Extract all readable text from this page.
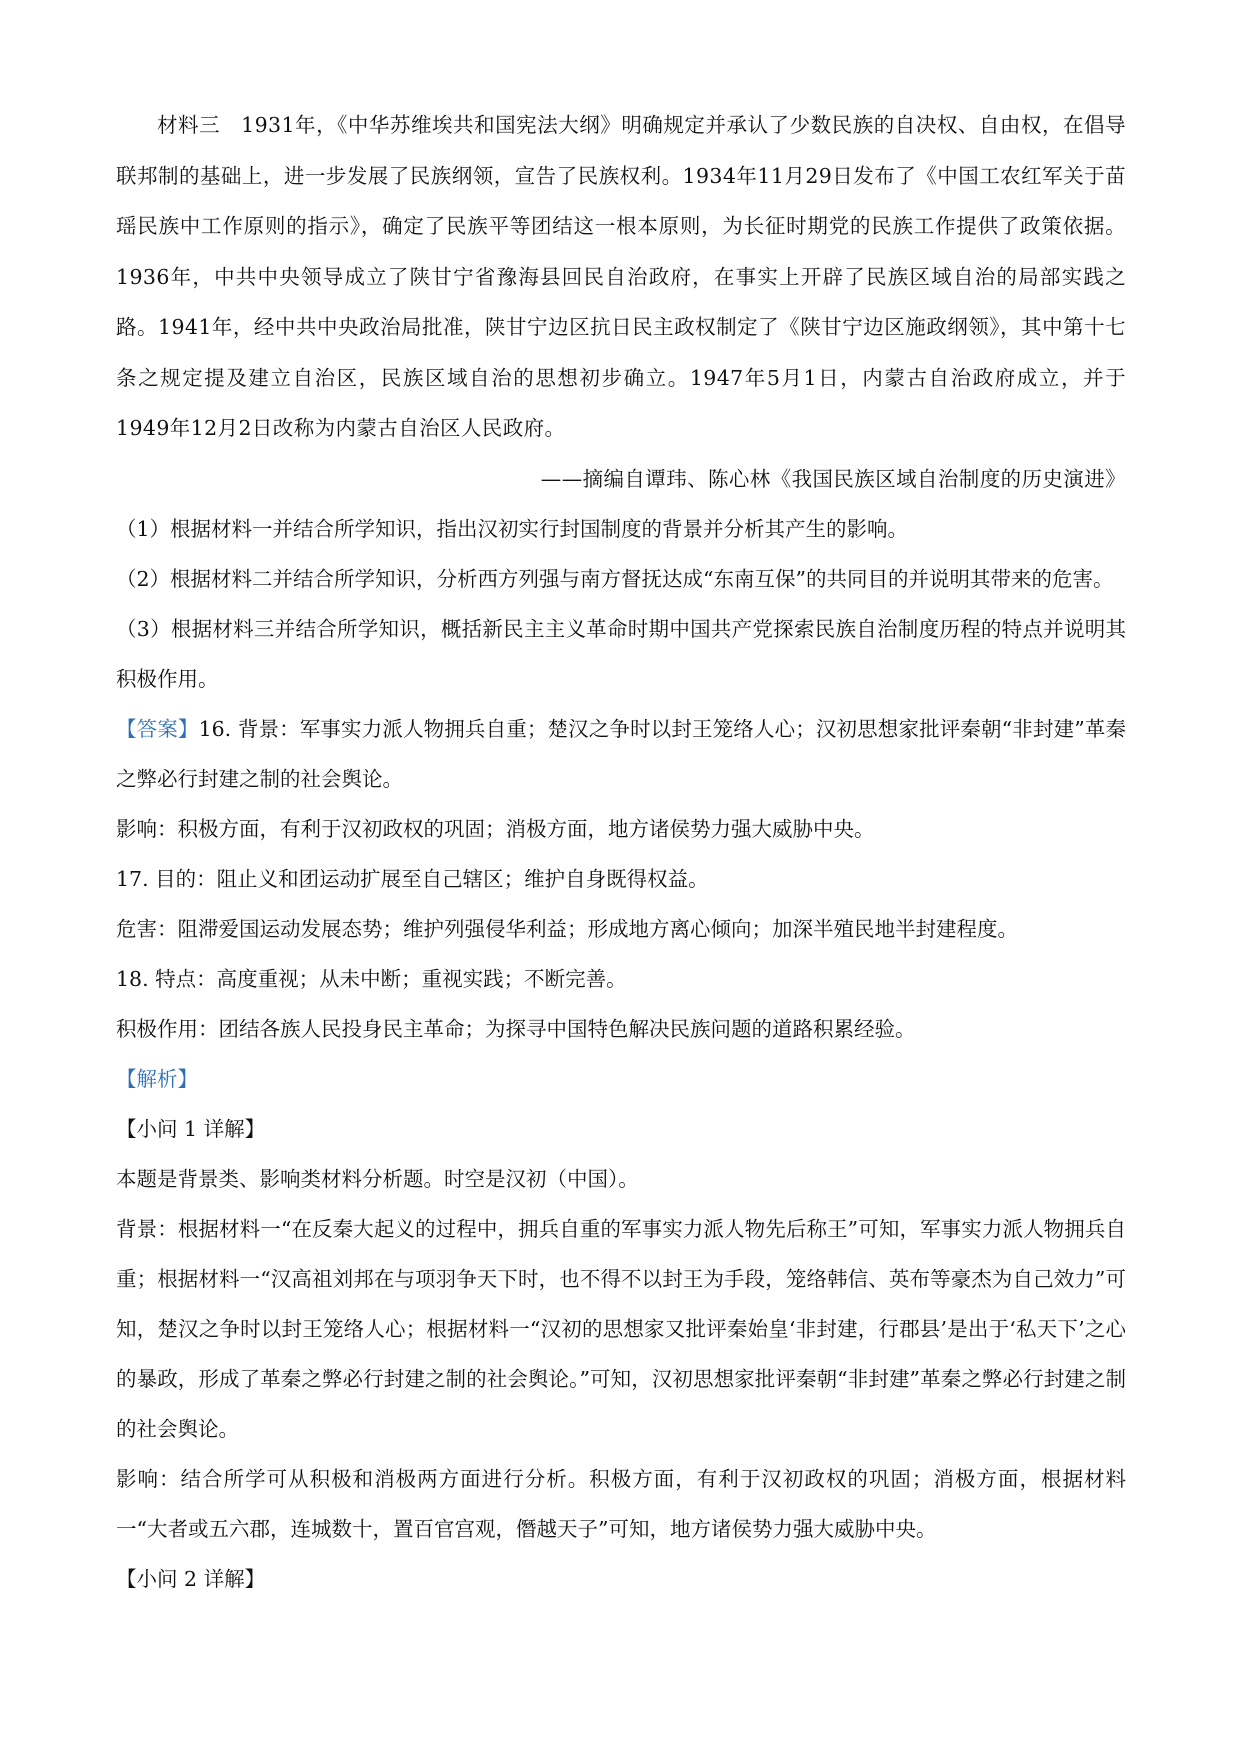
材料三　1931年，《中华苏维埃共和国宪法大纲》明确规定并承认了少数民族的自决权、自由权，在倡导联邦制的基础上，进一步发展了民族纲领，宣告了民族权利。1934年11月29日发布了《中国工农红军关于苗瑶民族中工作原则的指示》，确定了民族平等团结这一根本原则，为长征时期党的民族工作提供了政策依据。1936年，中共中央领导成立了陕甘宁省豫海县回民自治政府，在事实上开辟了民族区域自治的局部实践之路。1941年，经中共中央政治局批准，陕甘宁边区抗日民主政权制定了《陕甘宁边区施政纲领》，其中第十七条之规定提及建立自治区，民族区域自治的思想初步确立。1947年5月1日，内蒙古自治政府成立，并于1949年12月2日改称为内蒙古自治区人民政府。

——摘编自谭玮、陈心林《我国民族区域自治制度的历史演进》

（1）根据材料一并结合所学知识，指出汉初实行封国制度的背景并分析其产生的影响。

（2）根据材料二并结合所学知识，分析西方列强与南方督抚达成“东南互保”的共同目的并说明其带来的危害。

（3）根据材料三并结合所学知识，概括新民主主义革命时期中国共产党探索民族自治制度历程的特点并说明其积极作用。

【答案】16. 背景：军事实力派人物拥兵自重；楚汉之争时以封王笼络人心；汉初思想家批评秦朝“非封建”革秦之弊必行封建之制的社会舆论。

影响：积极方面，有利于汉初政权的巩固；消极方面，地方诸侯势力强大威胁中央。

17. 目的：阻止义和团运动扩展至自己辖区；维护自身既得权益。

危害：阻滞爱国运动发展态势；维护列强侵华利益；形成地方离心倾向；加深半殖民地半封建程度。

18. 特点：高度重视；从未中断；重视实践；不断完善。

积极作用：团结各族人民投身民主革命；为探寻中国特色解决民族问题的道路积累经验。

【解析】

【小问 1 详解】

本题是背景类、影响类材料分析题。时空是汉初（中国）。

背景：根据材料一“在反秦大起义的过程中，拥兵自重的军事实力派人物先后称王”可知，军事实力派人物拥兵自重；根据材料一“汉高祖刘邦在与项羽争天下时，也不得不以封王为手段，笼络韩信、英布等豪杰为自己效力”可知，楚汉之争时以封王笼络人心；根据材料一“汉初的思想家又批评秦始皇‘非封建，行郡县’是出于‘私天下’之心的暴政，形成了革秦之弊必行封建之制的社会舆论。”可知，汉初思想家批评秦朝“非封建”革秦之弊必行封建之制的社会舆论。

影响：结合所学可从积极和消极两方面进行分析。积极方面，有利于汉初政权的巩固；消极方面，根据材料一“大者或五六郡，连城数十，置百官宫观，僭越天子”可知，地方诸侯势力强大威胁中央。

【小问 2 详解】
